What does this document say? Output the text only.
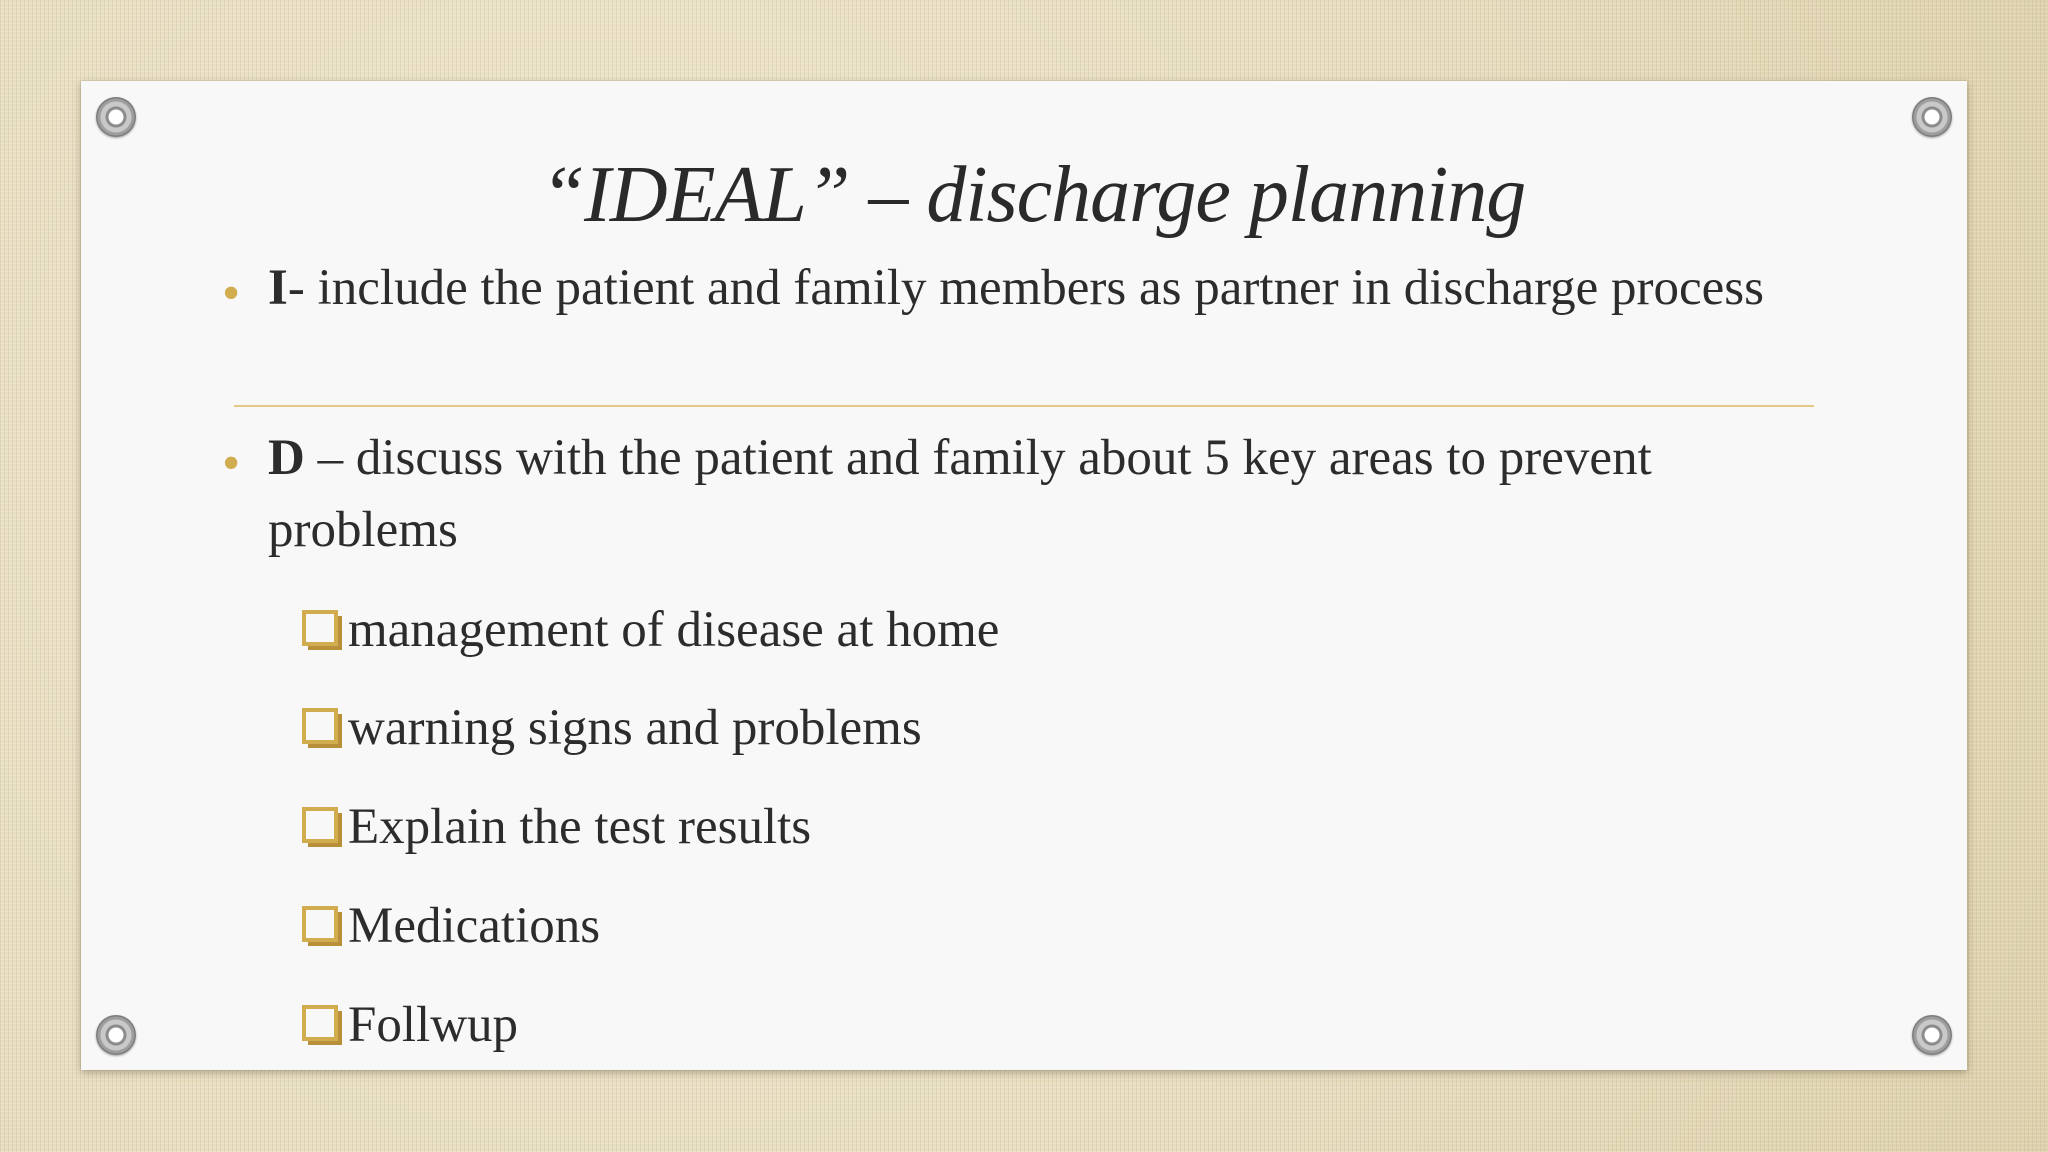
“IDEAL” – discharge planning
• I- include the patient and family members as partner in discharge process
• D – discuss with the patient and family about 5 key areas to prevent problems
management of disease at home
warning signs and problems
Explain the test results
Medications
Follwup
